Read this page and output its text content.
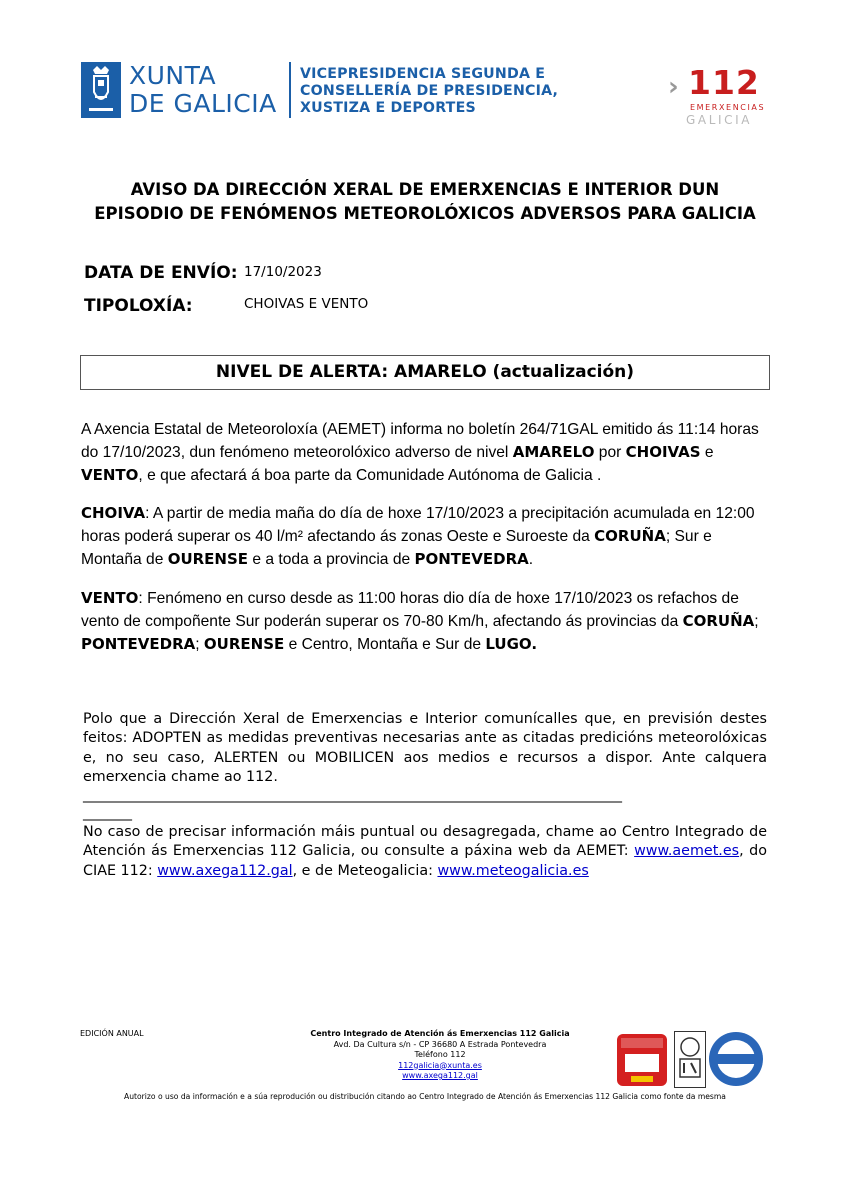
XUNTA
DE GALICIA
VICEPRESIDENCIA SEGUNDA E
CONSELLERÍA DE PRESIDENCIA,
XUSTIZA E DEPORTES
› 112
EMERXENCIAS
GALICIA
AVISO DA DIRECCIÓN XERAL DE EMERXENCIAS E INTERIOR DUN
EPISODIO DE FENÓMENOS METEOROLÓXICOS ADVERSOS PARA GALICIA
DATA DE ENVÍO: 17/10/2023
TIPOLOXÍA:	CHOIVAS E VENTO
NIVEL DE ALERTA: AMARELO (actualización)
A Axencia Estatal de Meteoroloxía (AEMET) informa no boletín 264/71GAL emitido ás 11:14 horas do 17/10/2023, dun fenómeno meteorolóxico adverso de nivel AMARELO por CHOIVAS e VENTO, e que afectará á boa parte da Comunidade Autónoma de Galicia .
CHOIVA: A partir de media maña do día de hoxe 17/10/2023 a precipitación acumulada en 12:00 horas poderá superar os 40 l/m² afectando ás zonas Oeste e Suroeste da CORUÑA; Sur e Montaña de OURENSE e a toda a provincia de PONTEVEDRA.
VENTO: Fenómeno en curso desde as 11:00 horas dio día de hoxe 17/10/2023 os refachos de vento de compoñente Sur poderán superar os 70-80 Km/h, afectando ás provincias da CORUÑA; PONTEVEDRA; OURENSE e Centro, Montaña e Sur de LUGO.
Polo que a Dirección Xeral de Emerxencias e Interior comunícalles que, en previsión destes feitos: ADOPTEN as medidas preventivas necesarias ante as citadas predicións meteorolóxicas e, no seu caso, ALERTEN ou MOBILICEN aos medios e recursos a dispor. Ante calquera emerxencia chame ao 112.
_____________________________________________________________________________
_______
No caso de precisar información máis puntual ou desagregada, chame ao Centro Integrado de Atención ás Emerxencias 112 Galicia, ou consulte a páxina web da AEMET: www.aemet.es, do CIAE 112: www.axega112.gal, e de Meteogalicia: www.meteogalicia.es
EDICIÓN ANUAL	Centro Integrado de Atención ás Emerxencias 112 Galicia
Avd. Da Cultura s/n - CP 36680 A Estrada Pontevedra
Teléfono 112
112galicia@xunta.es
www.axega112.gal
Autorizo o uso da información e a súa reprodución ou distribución citando ao Centro Integrado de Atención ás Emerxencias 112 Galicia como fonte da mesma
